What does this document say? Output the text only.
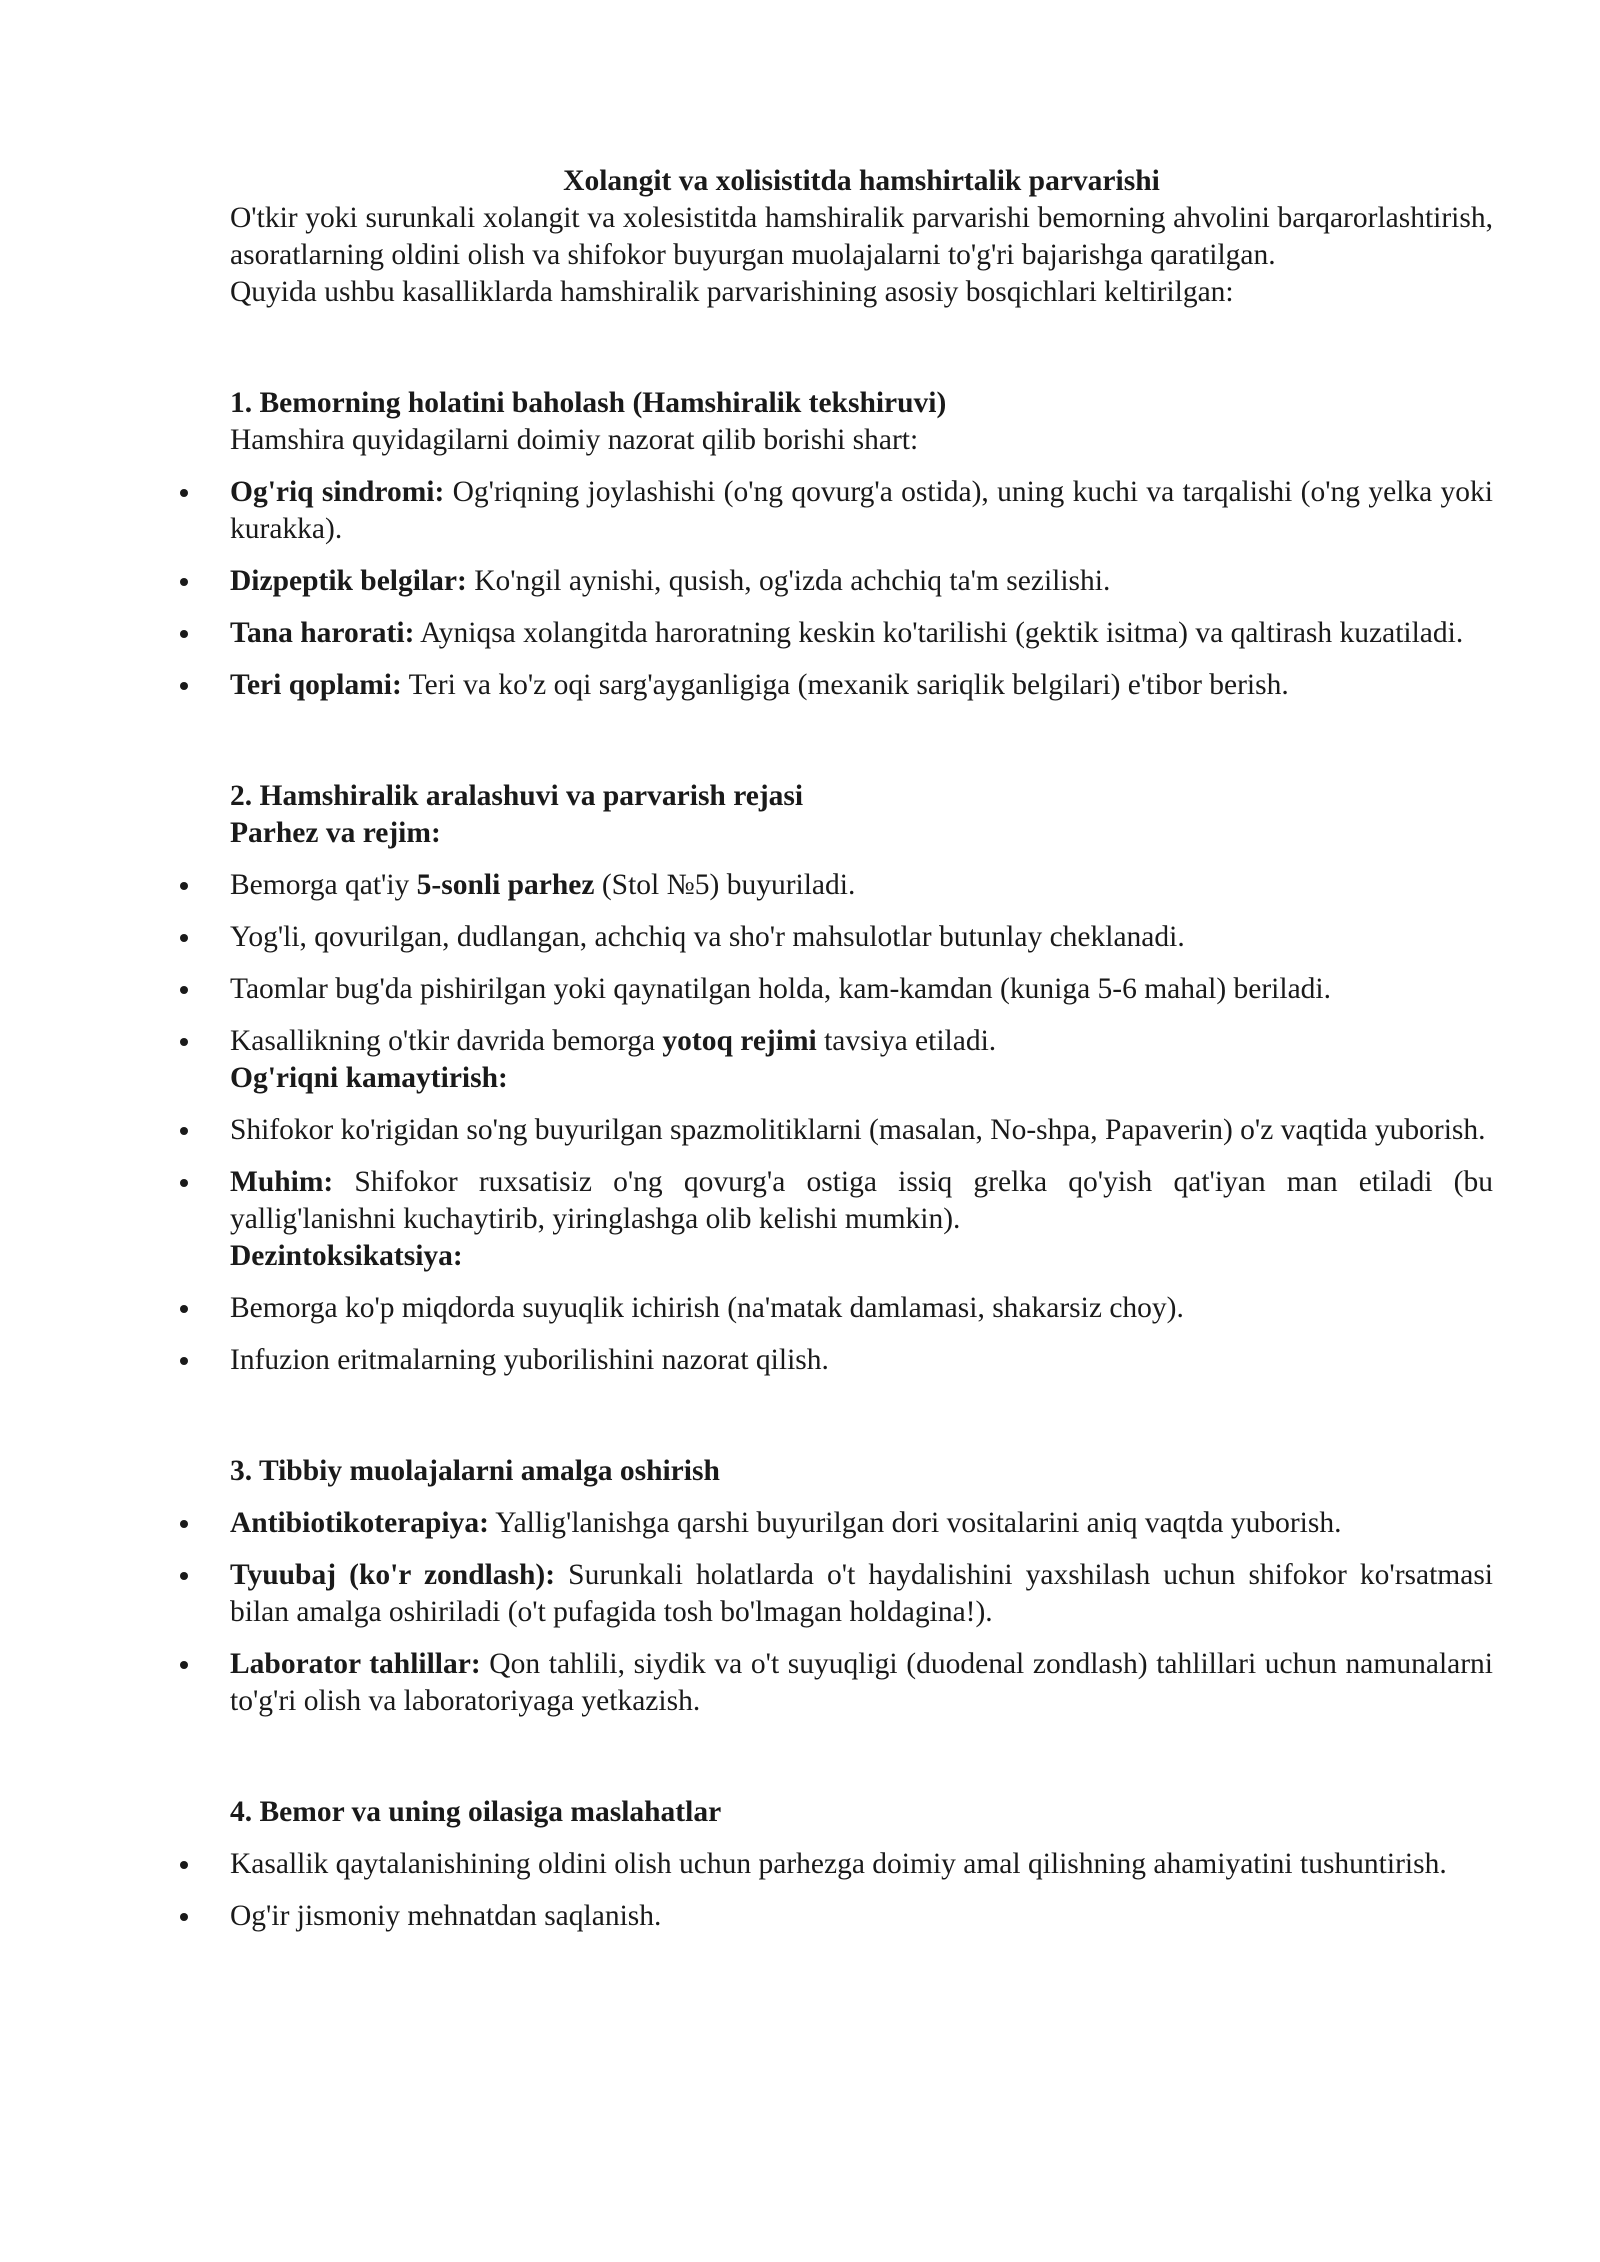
Xolangit va xolisistitda hamshirtalik parvarishi

O'tkir yoki surunkali xolangit va xolesistitda hamshiralik parvarishi bemorning ahvolini barqarorlashtirish, asoratlarning oldini olish va shifokor buyurgan muolajalarni to'g'ri bajarishga qaratilgan.

Quyida ushbu kasalliklarda hamshiralik parvarishining asosiy bosqichlari keltirilgan:

1. Bemorning holatini baholash (Hamshiralik tekshiruvi)

Hamshira quyidagilarni doimiy nazorat qilib borishi shart:

Og'riq sindromi: Og'riqning joylashishi (o'ng qovurg'a ostida), uning kuchi va tarqalishi (o'ng yelka yoki kurakka).
Dizpeptik belgilar: Ko'ngil aynishi, qusish, og'izda achchiq ta'm sezilishi.
Tana harorati: Ayniqsa xolangitda haroratning keskin ko'tarilishi (gektik isitma) va qaltirash kuzatiladi.
Teri qoplami: Teri va ko'z oqi sarg'ayganligiga (mexanik sariqlik belgilari) e'tibor berish.

2. Hamshiralik aralashuvi va parvarish rejasi

Parhez va rejim:

Bemorga qat'iy 5-sonli parhez (Stol №5) buyuriladi.
Yog'li, qovurilgan, dudlangan, achchiq va sho'r mahsulotlar butunlay cheklanadi.
Taomlar bug'da pishirilgan yoki qaynatilgan holda, kam-kamdan (kuniga 5-6 mahal) beriladi.
Kasallikning o'tkir davrida bemorga yotoq rejimi tavsiya etiladi.

Og'riqni kamaytirish:

Shifokor ko'rigidan so'ng buyurilgan spazmolitiklarni (masalan, No-shpa, Papaverin) o'z vaqtida yuborish.
Muhim: Shifokor ruxsatisiz o'ng qovurg'a ostiga issiq grelka qo'yish qat'iyan man etiladi (bu yallig'lanishni kuchaytirib, yiringlashga olib kelishi mumkin).

Dezintoksikatsiya:

Bemorga ko'p miqdorda suyuqlik ichirish (na'matak damlamasi, shakarsiz choy).
Infuzion eritmalarning yuborilishini nazorat qilish.

3. Tibbiy muolajalarni amalga oshirish

Antibiotikoterapiya: Yallig'lanishga qarshi buyurilgan dori vositalarini aniq vaqtda yuborish.
Tyuubaj (ko'r zondlash): Surunkali holatlarda o't haydalishini yaxshilash uchun shifokor ko'rsatmasi bilan amalga oshiriladi (o't pufagida tosh bo'lmagan holdagina!).
Laborator tahlillar: Qon tahlili, siydik va o't suyuqligi (duodenal zondlash) tahlillari uchun namunalarni to'g'ri olish va laboratoriyaga yetkazish.

4. Bemor va uning oilasiga maslahatlar

Kasallik qaytalanishining oldini olish uchun parhezga doimiy amal qilishning ahamiyatini tushuntirish.
Og'ir jismoniy mehnatdan saqlanish.
